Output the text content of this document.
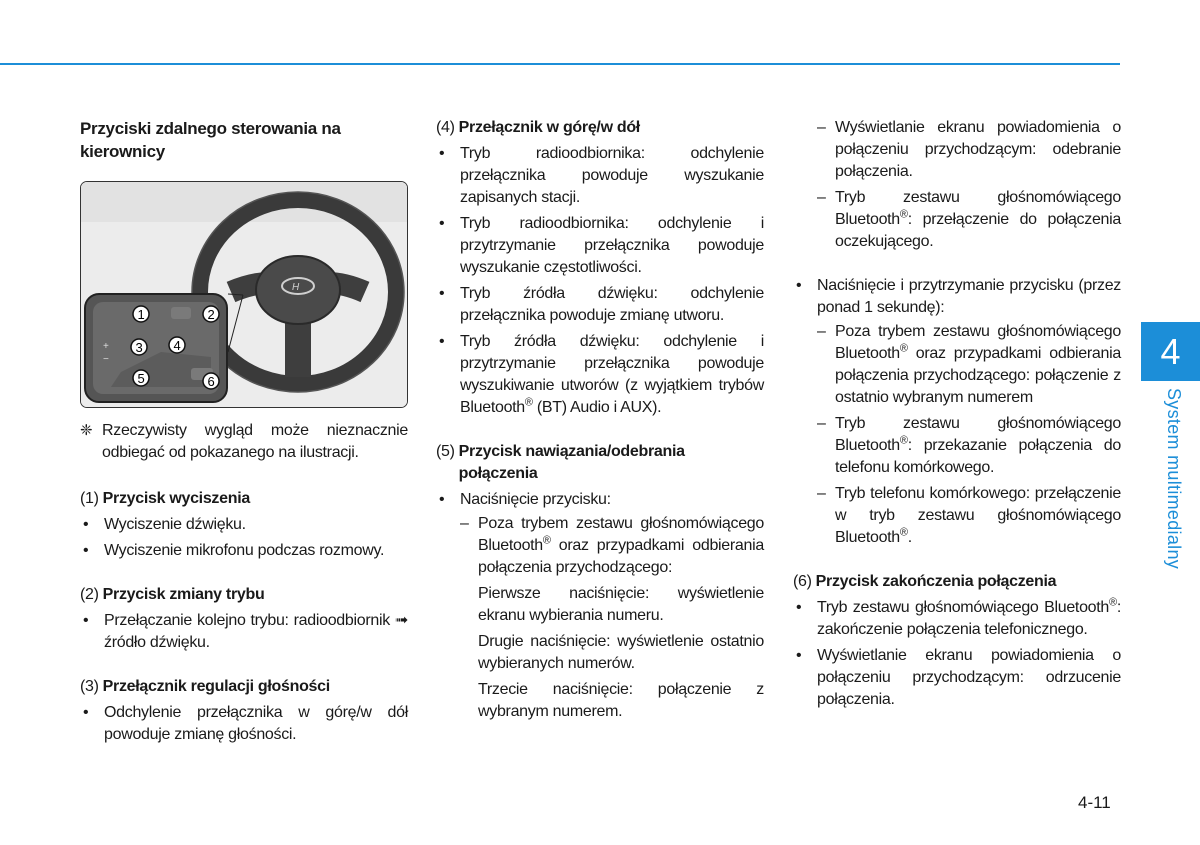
4
System multimedialny
4-11
Przyciski zdalnego sterowania na kierownicy
H
+
−
1	2
3 4
5	6
❈ Rzeczywisty wygląd może nieznacznie odbiegać od pokazanego na ilustracji.
(1) Przycisk wyciszenia
• Wyciszenie dźwięku.
• Wyciszenie mikrofonu podczas rozmowy.
(2) Przycisk zmiany trybu
• Przełączanie kolejno trybu: radioodbiornik ➟ źródło dźwięku.
(3) Przełącznik regulacji głośności
• Odchylenie przełącznika w górę/w dół powoduje zmianę głośności.
(4) Przełącznik w górę/w dół
• Tryb radioodbiornika: odchylenie przełącznika powoduje wyszukanie zapisanych stacji.
• Tryb radioodbiornika: odchylenie i przytrzymanie przełącznika powoduje wyszukanie częstotliwości.
• Tryb źródła dźwięku: odchylenie przełącznika powoduje zmianę utworu.
• Tryb źródła dźwięku: odchylenie i przytrzymanie przełącznika powoduje wyszukiwanie utworów (z wyjątkiem trybów Bluetooth® (BT) Audio i AUX).
(5) Przycisk nawiązania/odebrania połączenia
• Naciśnięcie przycisku:
– Poza trybem zestawu głośnomówiącego Bluetooth® oraz przypadkami odbierania połączenia przychodzącego:
Pierwsze naciśnięcie: wyświetlenie ekranu wybierania numeru.
Drugie naciśnięcie: wyświetlenie ostatnio wybieranych numerów.
Trzecie naciśnięcie: połączenie z wybranym numerem.
– Wyświetlanie ekranu powiadomienia o połączeniu przychodzącym: odebranie połączenia.
– Tryb zestawu głośnomówiącego Bluetooth®: przełączenie do połączenia oczekującego.
• Naciśnięcie i przytrzymanie przycisku (przez ponad 1 sekundę):
– Poza trybem zestawu głośnomówiącego Bluetooth® oraz przypadkami odbierania połączenia przychodzącego: połączenie z ostatnio wybranym numerem
– Tryb zestawu głośnomówiącego Bluetooth®: przekazanie połączenia do telefonu komórkowego.
– Tryb telefonu komórkowego: przełączenie w tryb zestawu głośnomówiącego Bluetooth®.
(6) Przycisk zakończenia połączenia
• Tryb zestawu głośnomówiącego Bluetooth®: zakończenie połączenia telefonicznego.
• Wyświetlanie ekranu powiadomienia o połączeniu przychodzącym: odrzucenie połączenia.
